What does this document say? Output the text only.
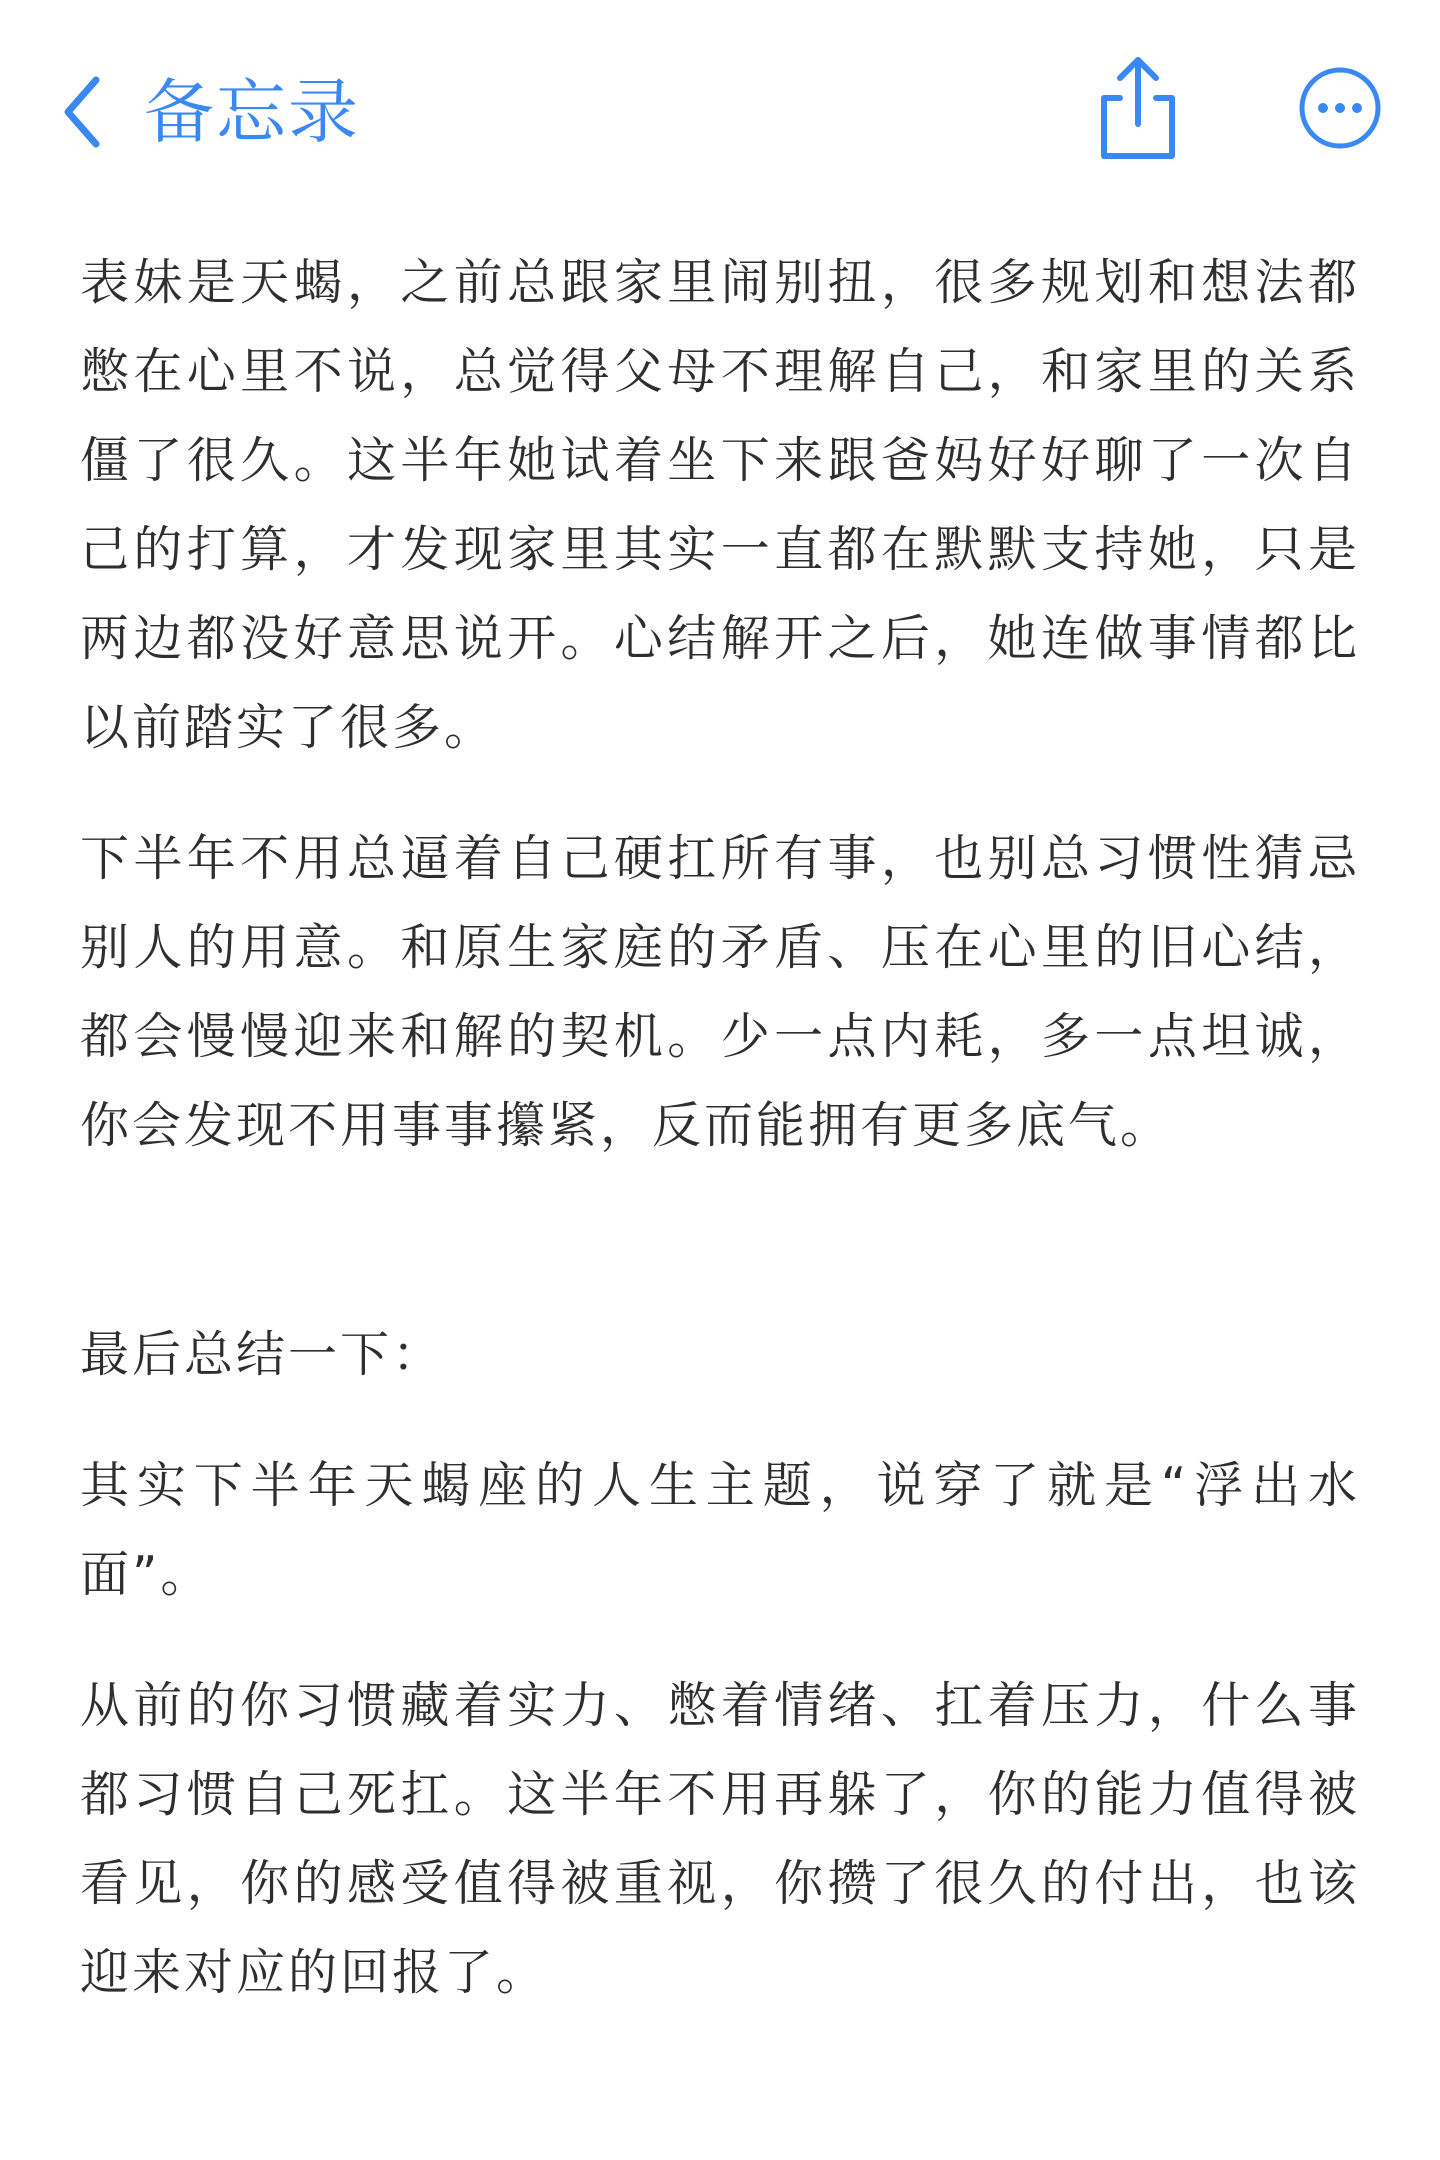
备忘录

表妹是天蝎，之前总跟家里闹别扭，很多规划和想法都憋在心里不说，总觉得父母不理解自己，和家里的关系僵了很久。这半年她试着坐下来跟爸妈好好聊了一次自己的打算，才发现家里其实一直都在默默支持她，只是两边都没好意思说开。心结解开之后，她连做事情都比以前踏实了很多。

下半年不用总逼着自己硬扛所有事，也别总习惯性猜忌别人的用意。和原生家庭的矛盾、压在心里的旧心结，都会慢慢迎来和解的契机。少一点内耗，多一点坦诚，你会发现不用事事攥紧，反而能拥有更多底气。

最后总结一下：

其实下半年天蝎座的人生主题，说穿了就是“浮出水面”。

从前的你习惯藏着实力、憋着情绪、扛着压力，什么事都习惯自己死扛。这半年不用再躲了，你的能力值得被看见，你的感受值得被重视，你攒了很久的付出，也该迎来对应的回报了。
